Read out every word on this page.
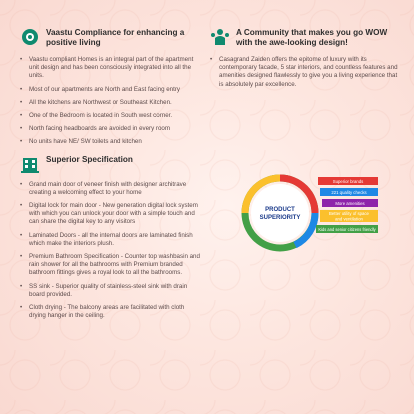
Vaastu Compliance for enhancing a positive living
• Vaastu compliant Homes is an integral part of the apartment unit design and has been consciously integrated into all the units.
• Most of our apartments are North and East facing entry
• All the kitchens are Northwest or Southeast Kitchen.
• One of the Bedroom is located in South west corner.
• North facing headboards are avoided in every room
• No units have NE/ SW toilets and kitchen
Superior Specification
• Grand main door of veneer finish with designer architrave creating a welcoming effect to your home
• Digital lock for main door - New generation digital lock system with which you can unlock your door with a simple touch and can share the digital key to any visitors
• Laminated Doors - all the internal doors are laminated finish which make the interiors plush.
• Premium Bathroom Specification - Counter top washbasin and rain shower for all the bathrooms with Premium branded bathroom fittings gives a royal look to all the bathrooms.
• SS sink - Superior quality of stainless-steel sink with drain board provided.
• Cloth drying - The balcony areas are facilitated with cloth drying hanger in the ceiling.
A Community that makes you go WOW with the awe-looking design!
• Casagrand Zaiden offers the epitome of luxury with its contemporary facade, 5 star interiors, and countless features and amenities designed flawlessly to give you a living experience that is absolutely par excellence.
PRODUCT
SUPERIORITY
Superior brands
221 quality checks
More amenities
Better utility of space
and ventilation
Kids and senior citizens friendly
